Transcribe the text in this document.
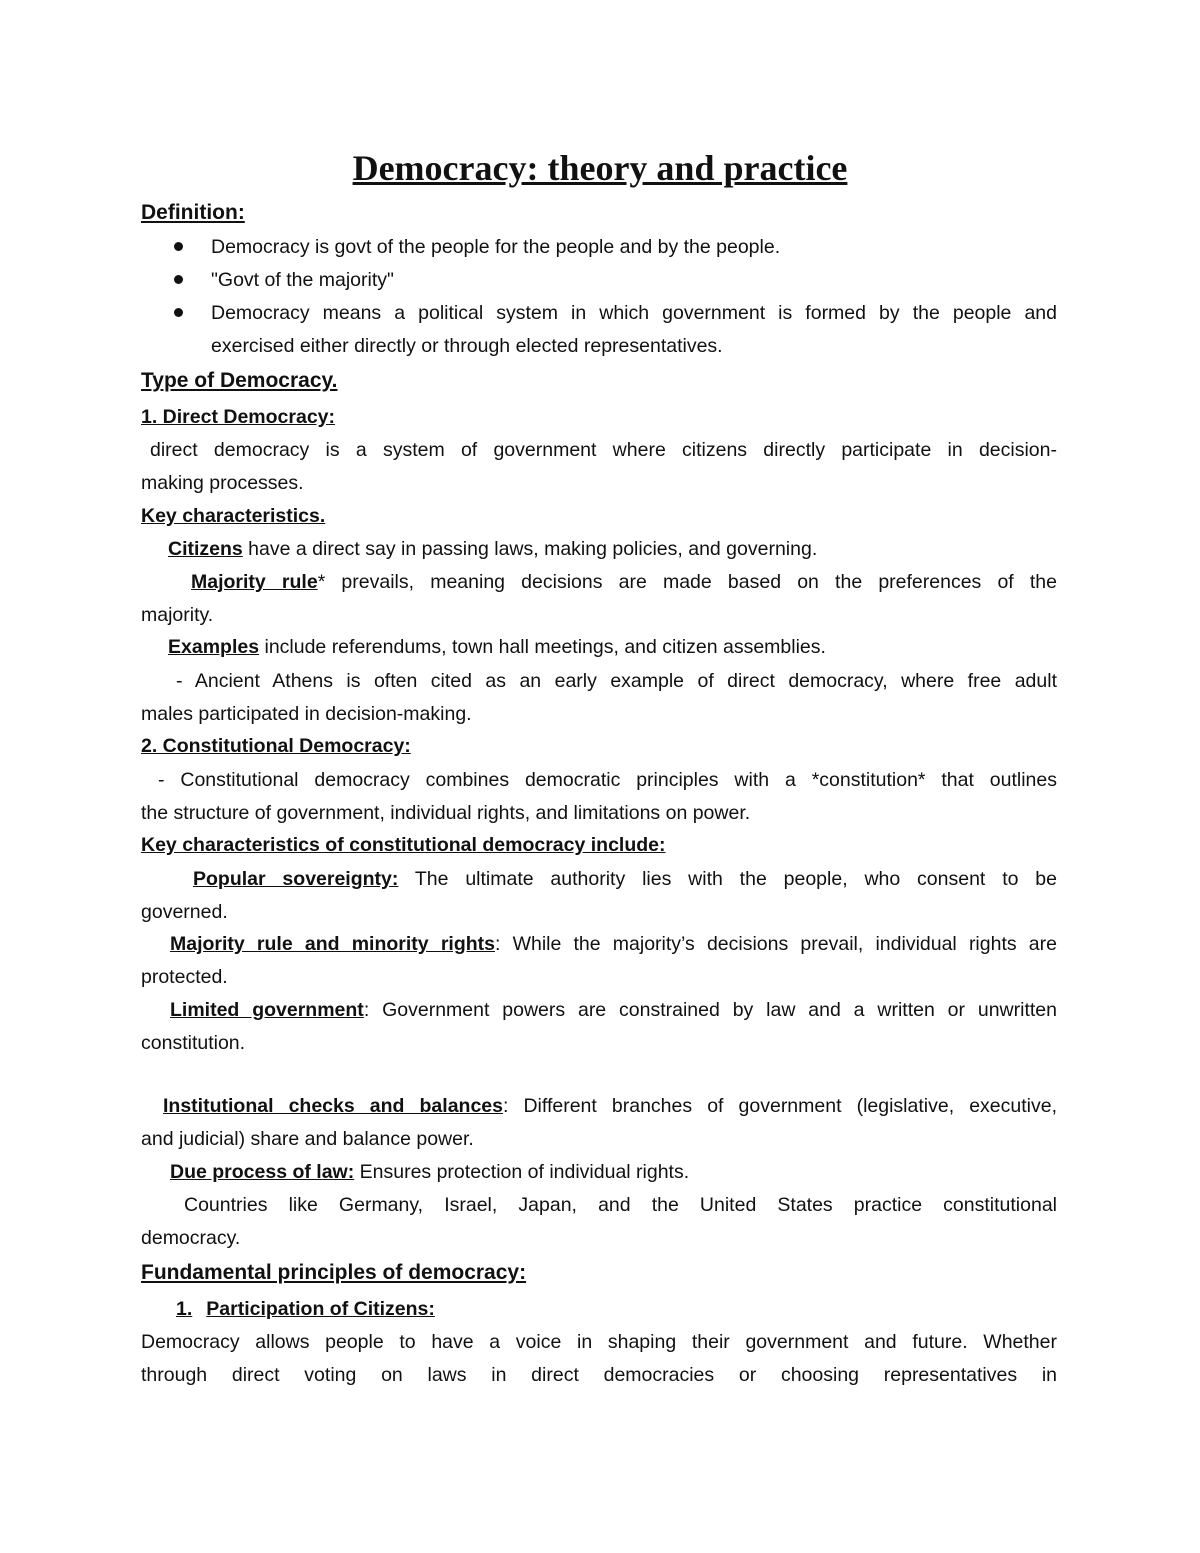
Democracy: theory and practice
Definition:
Democracy is govt of the people for the people and by the people.
"Govt of the majority"
Democracy means a political system in which government is formed by the people and
exercised either directly or through elected representatives.
Type of Democracy.
1. Direct Democracy:
direct democracy is a system of government where citizens directly participate in decision-
making processes.
Key characteristics.
Citizens have a direct say in passing laws, making policies, and governing.
Majority rule* prevails, meaning decisions are made based on the preferences of the
majority.
Examples include referendums, town hall meetings, and citizen assemblies.
- Ancient Athens is often cited as an early example of direct democracy, where free adult
males participated in decision-making.
2. Constitutional Democracy:
- Constitutional democracy combines democratic principles with a *constitution* that outlines
the structure of government, individual rights, and limitations on power.
Key characteristics of constitutional democracy include:
Popular sovereignty: The ultimate authority lies with the people, who consent to be
governed.
Majority rule and minority rights: While the majority’s decisions prevail, individual rights are
protected.
Limited government: Government powers are constrained by law and a written or unwritten
constitution.
Institutional checks and balances: Different branches of government (legislative, executive,
and judicial) share and balance power.
Due process of law: Ensures protection of individual rights.
Countries like Germany, Israel, Japan, and the United States practice constitutional
democracy.
Fundamental principles of democracy:
1. Participation of Citizens:
Democracy allows people to have a voice in shaping their government and future. Whether
through direct voting on laws in direct democracies or choosing representatives in
